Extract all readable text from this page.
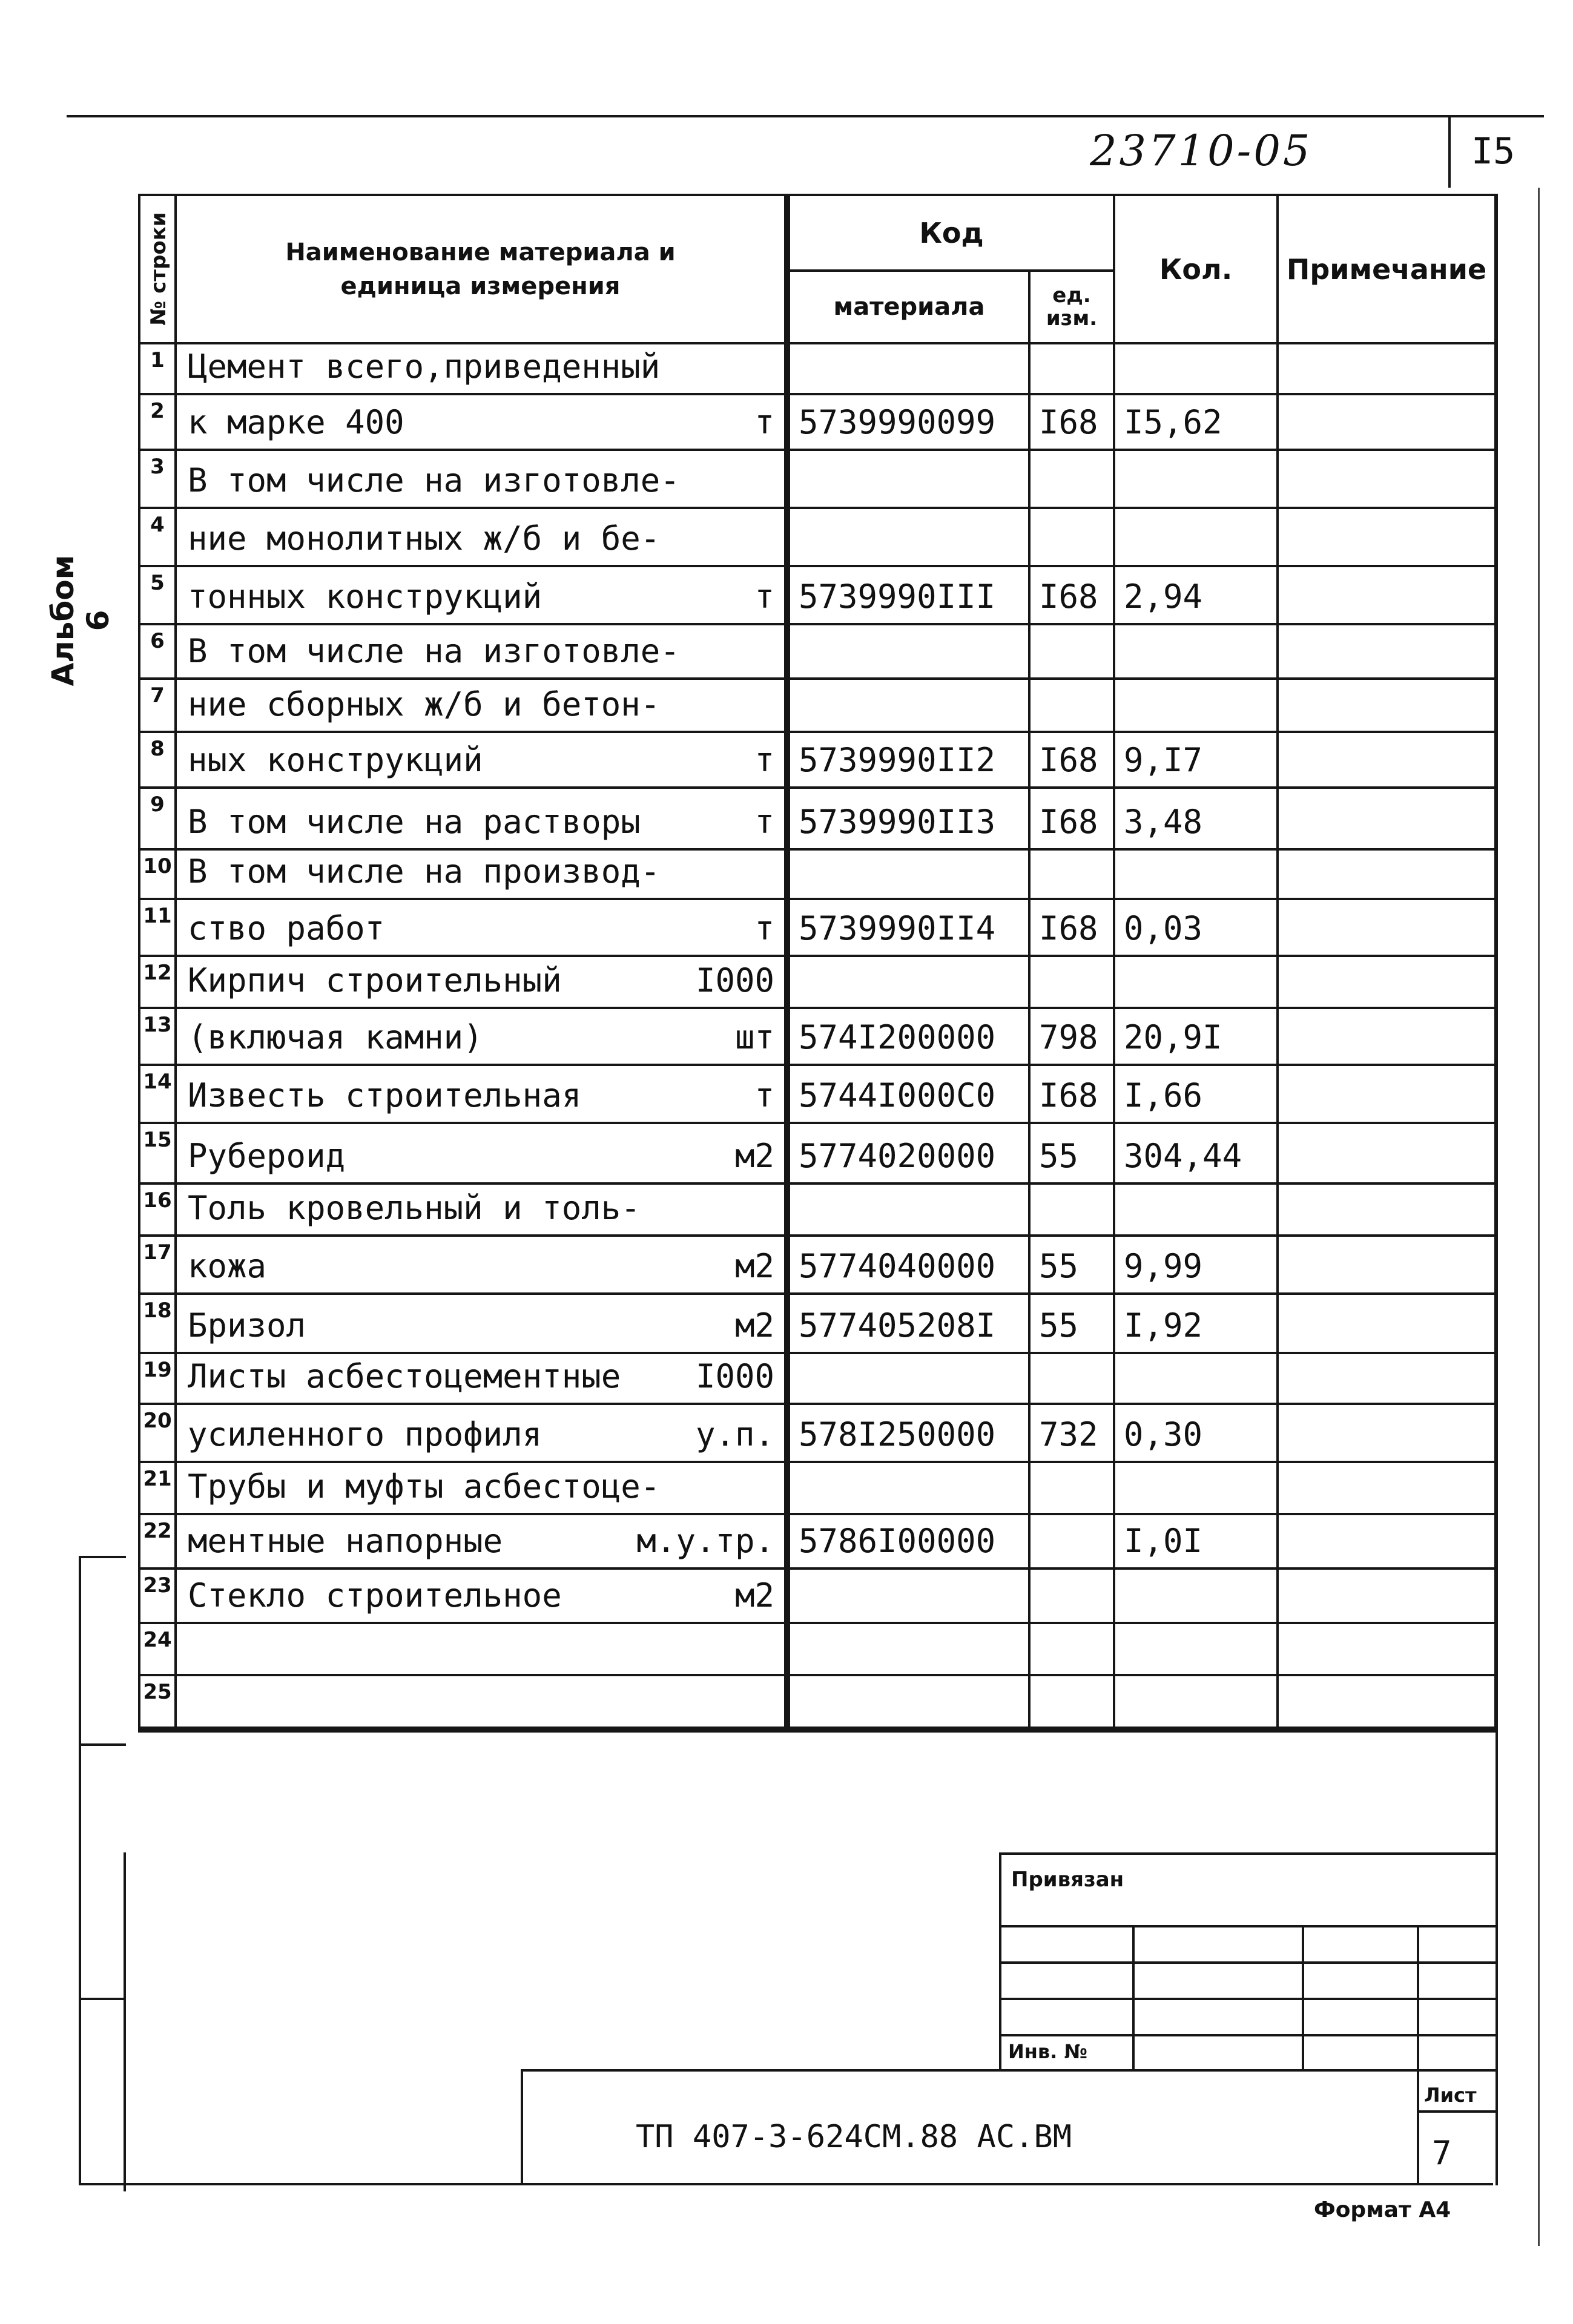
23710-05	I5
Альбом 6
№ строки	Наименование материала и
единица измерения	Код		Кол.	Примечание
		материала	ед. изм.		
1	Цемент всего,приведенный				

2	к марке 400 т	5739990099	I68	I5,62	
3	В том числе на изготовле-				

4	ние монолитных ж/б и бе-				

5	тонных конструкций т	5739990III	I68	2,94	
6	В том числе на изготовле-				

7	ние сборных ж/б и бетон-				

8	ных конструкций т	5739990II2	I68	9,I7	
9	В том числе на растворы т	5739990II3	I68	3,48	
10	В том числе на производ-				

11	ство работ т	5739990II4	I68	0,03	
12	Кирпич строительный I000				

13	(включая камни) шт	574I200000	798	20,9I	
14	Известь строительная т	5744I000C0	I68	I,66	
15	Рубероид м2	5774020000	55	304,44	
16	Толь кровельный и толь-				

17	кожа м2	5774040000	55	9,99	
18	Бризол м2	577405208I	55	I,92	
19	Листы асбестоцементные I000				

20	усиленного профиля у.п.	578I250000	732	0,30	
21	Трубы и муфты асбестоце-				

22	ментные напорные м.у.тр.	5786I00000		I,0I	
23	Стекло строительное м2				

24	

25	

Привязан
Инв. №
ТП 407-3-624СМ.88 АС.ВМ
Лист
7
Формат А4
